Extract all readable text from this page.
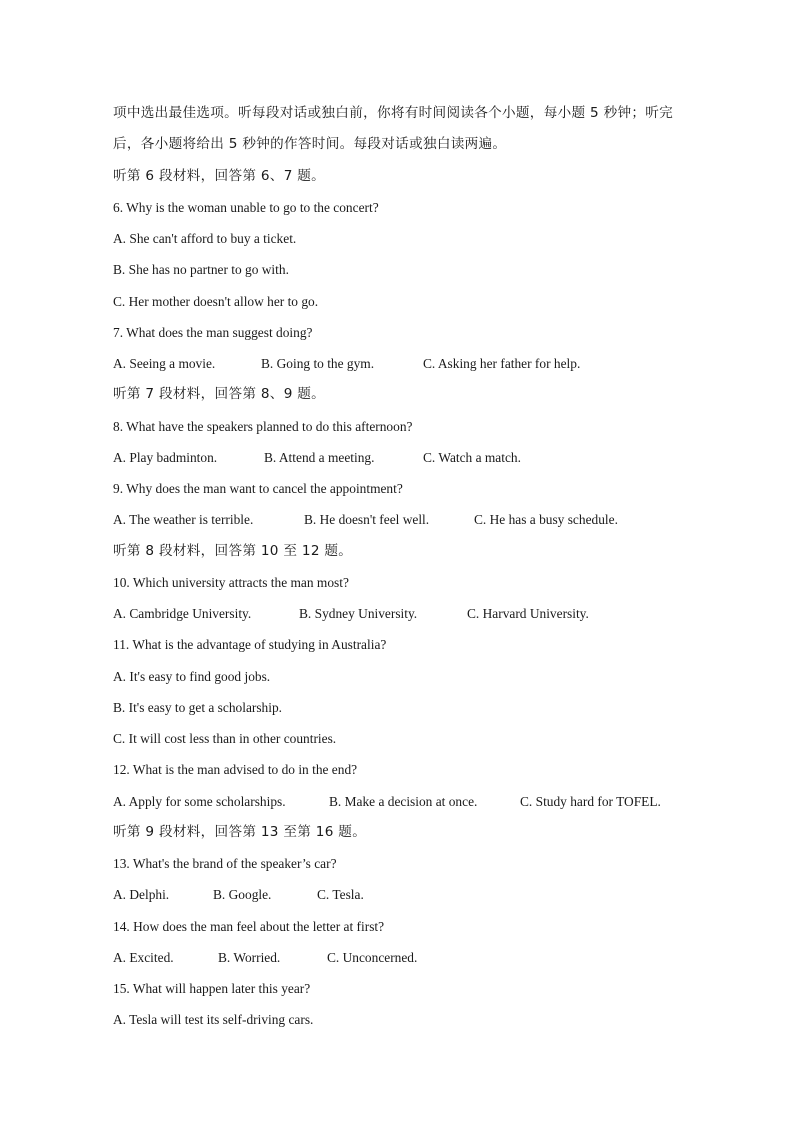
项中选出最佳选项。听每段对话或独白前，你将有时间阅读各个小题，每小题 5 秒钟；听完
后，各小题将给出 5 秒钟的作答时间。每段对话或独白读两遍。
听第 6 段材料，回答第 6、7 题。
6. Why is the woman unable to go to the concert?
A. She can't afford to buy a ticket.
B. She has no partner to go with.
C. Her mother doesn't allow her to go.
7. What does the man suggest doing?
A. Seeing a movie.	B. Going to the gym.	C. Asking her father for help.
听第 7 段材料，回答第 8、9 题。
8. What have the speakers planned to do this afternoon?
A. Play badminton.	B. Attend a meeting.	C. Watch a match.
9. Why does the man want to cancel the appointment?
A. The weather is terrible.	B. He doesn't feel well.	C. He has a busy schedule.
听第 8 段材料，回答第 10 至 12 题。
10. Which university attracts the man most?
A. Cambridge University.	B. Sydney University.	C. Harvard University.
11. What is the advantage of studying in Australia?
A. It's easy to find good jobs.
B. It's easy to get a scholarship.
C. It will cost less than in other countries.
12. What is the man advised to do in the end?
A. Apply for some scholarships.	B. Make a decision at once.	C. Study hard for TOFEL.
听第 9 段材料，回答第 13 至第 16 题。
13. What's the brand of the speaker’s car?
A. Delphi.	B. Google.	C. Tesla.
14. How does the man feel about the letter at first?
A. Excited.	B. Worried.	C. Unconcerned.
15. What will happen later this year?
A. Tesla will test its self-driving cars.
